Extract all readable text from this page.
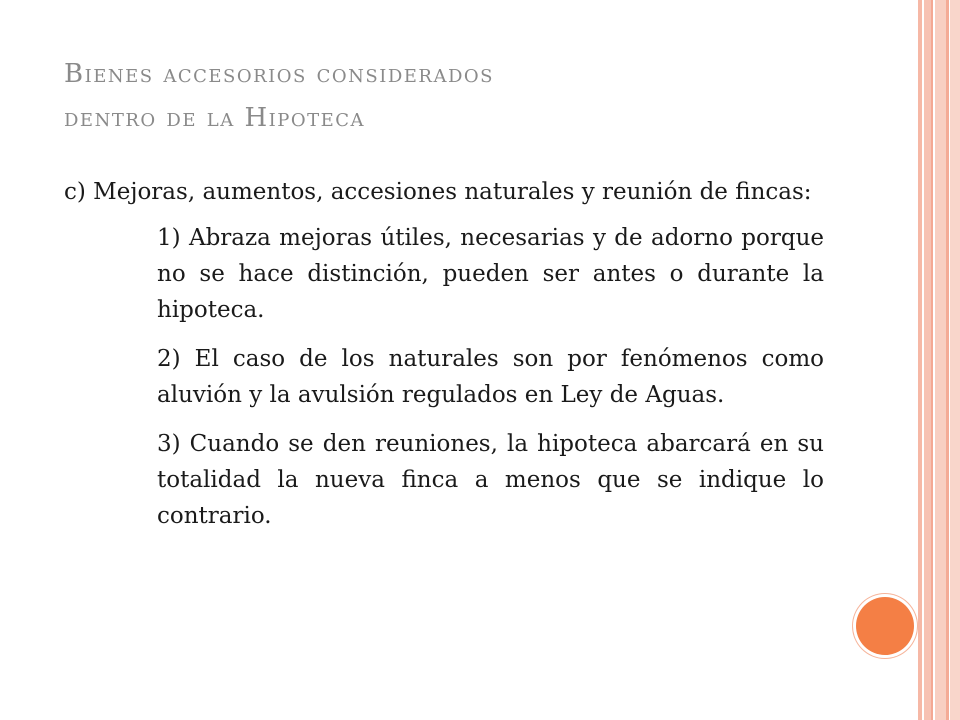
Bienes accesorios considerados
dentro de la Hipoteca

c) Mejoras, aumentos, accesiones naturales y reunión de fincas:

1) Abraza mejoras útiles, necesarias y de adorno porque no se hace distinción, pueden ser antes o durante la hipoteca.

2) El caso de los naturales son por fenómenos como aluvión y la avulsión regulados en Ley de Aguas.

3) Cuando se den reuniones, la hipoteca abarcará en su totalidad la nueva finca a menos que se indique lo contrario.
